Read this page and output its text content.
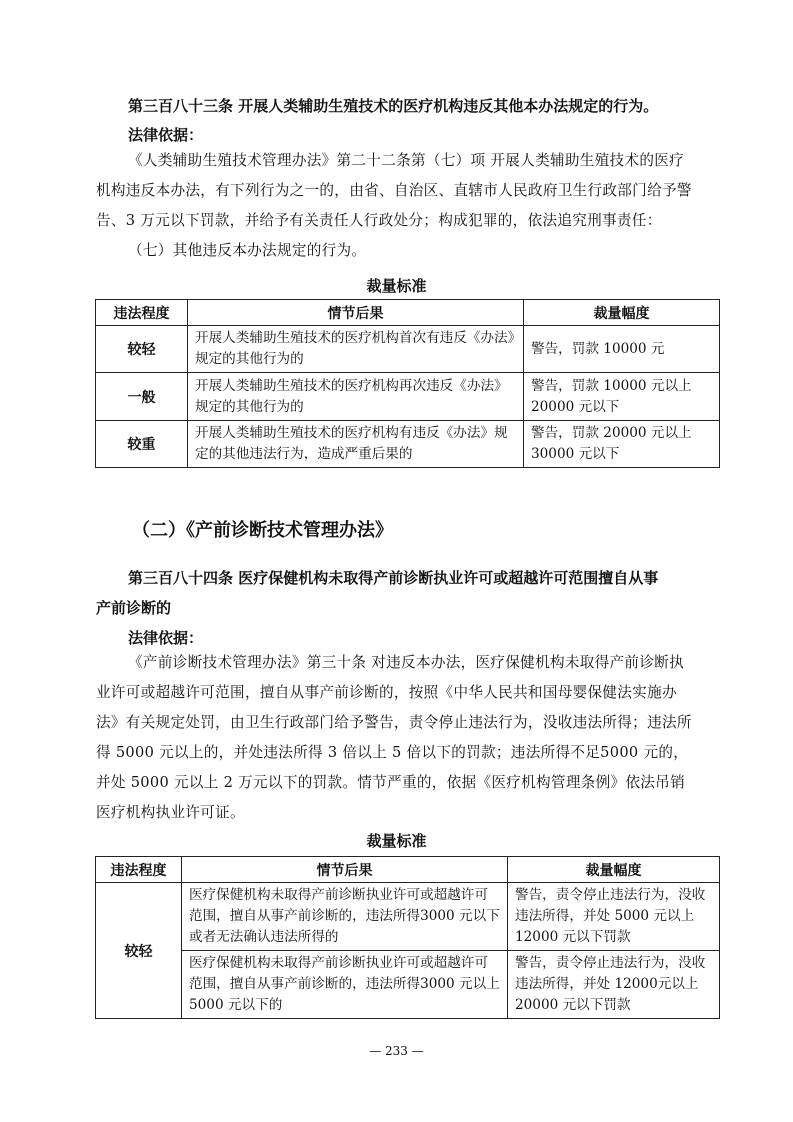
第三百八十三条 开展人类辅助生殖技术的医疗机构违反其他本办法规定的行为。
法律依据：
《人类辅助生殖技术管理办法》第二十二条第（七）项 开展人类辅助生殖技术的医疗机构违反本办法，有下列行为之一的，由省、自治区、直辖市人民政府卫生行政部门给予警告、3 万元以下罚款，并给予有关责任人行政处分；构成犯罪的，依法追究刑事责任：
（七）其他违反本办法规定的行为。
裁量标准
违法程度	情节后果	裁量幅度
较轻	开展人类辅助生殖技术的医疗机构首次有违反《办法》规定的其他行为的	警告，罚款 10000 元
一般	开展人类辅助生殖技术的医疗机构再次违反《办法》规定的其他行为的	警告，罚款 10000 元以上 20000 元以下
较重	开展人类辅助生殖技术的医疗机构有违反《办法》规定的其他违法行为，造成严重后果的	警告，罚款 20000 元以上 30000 元以下
（二）《产前诊断技术管理办法》
第三百八十四条 医疗保健机构未取得产前诊断执业许可或超越许可范围擅自从事
产前诊断的
法律依据：
《产前诊断技术管理办法》第三十条 对违反本办法，医疗保健机构未取得产前诊断执业许可或超越许可范围，擅自从事产前诊断的，按照《中华人民共和国母婴保健法实施办法》有关规定处罚，由卫生行政部门给予警告，责令停止违法行为，没收违法所得；违法所得 5000 元以上的，并处违法所得 3 倍以上 5 倍以下的罚款；违法所得不足5000 元的，并处 5000 元以上 2 万元以下的罚款。情节严重的，依据《医疗机构管理条例》依法吊销医疗机构执业许可证。
裁量标准
违法程度	情节后果	裁量幅度
较轻	医疗保健机构未取得产前诊断执业许可或超越许可范围，擅自从事产前诊断的，违法所得3000 元以下或者无法确认违法所得的	警告，责令停止违法行为，没收违法所得，并处 5000 元以上 12000 元以下罚款
	医疗保健机构未取得产前诊断执业许可或超越许可范围，擅自从事产前诊断的，违法所得3000 元以上 5000 元以下的	警告，责令停止违法行为，没收违法所得，并处 12000元以上 20000 元以下罚款
— 233 —
